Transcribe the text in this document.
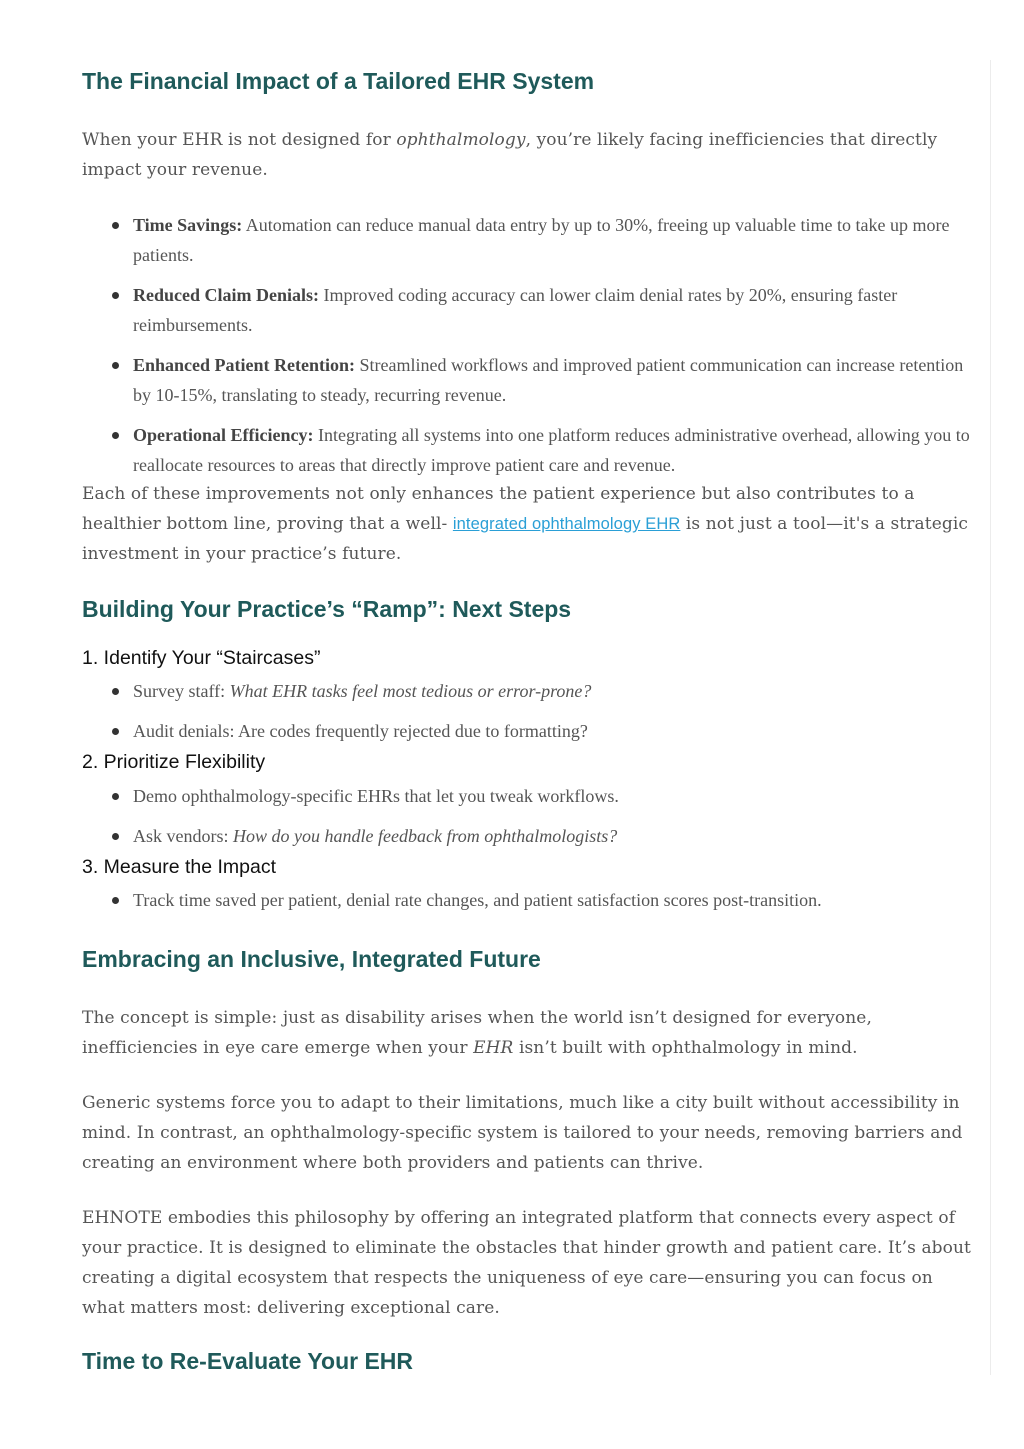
The Financial Impact of a Tailored EHR System

When your EHR is not designed for ophthalmology, you’re likely facing inefficiencies that directly impact your revenue.

Time Savings: Automation can reduce manual data entry by up to 30%, freeing up valuable time to take up more patients.
Reduced Claim Denials: Improved coding accuracy can lower claim denial rates by 20%, ensuring faster reimbursements.
Enhanced Patient Retention: Streamlined workflows and improved patient communication can increase retention by 10-15%, translating to steady, recurring revenue.
Operational Efficiency: Integrating all systems into one platform reduces administrative overhead, allowing you to reallocate resources to areas that directly improve patient care and revenue.

Each of these improvements not only enhances the patient experience but also contributes to a healthier bottom line, proving that a well- integrated ophthalmology EHR is not just a tool—it's a strategic investment in your practice’s future.

Building Your Practice’s “Ramp”: Next Steps
1. Identify Your “Staircases”
Survey staff: What EHR tasks feel most tedious or error-prone?
Audit denials: Are codes frequently rejected due to formatting?
2. Prioritize Flexibility
Demo ophthalmology-specific EHRs that let you tweak workflows.
Ask vendors: How do you handle feedback from ophthalmologists?
3. Measure the Impact
Track time saved per patient, denial rate changes, and patient satisfaction scores post-transition.
Embracing an Inclusive, Integrated Future

The concept is simple: just as disability arises when the world isn’t designed for everyone, inefficiencies in eye care emerge when your EHR isn’t built with ophthalmology in mind.

Generic systems force you to adapt to their limitations, much like a city built without accessibility in mind. In contrast, an ophthalmology-specific system is tailored to your needs, removing barriers and creating an environment where both providers and patients can thrive.

EHNOTE embodies this philosophy by offering an integrated platform that connects every aspect of your practice. It is designed to eliminate the obstacles that hinder growth and patient care. It’s about creating a digital ecosystem that respects the uniqueness of eye care—ensuring you can focus on what matters most: delivering exceptional care.

Time to Re-Evaluate Your EHR
